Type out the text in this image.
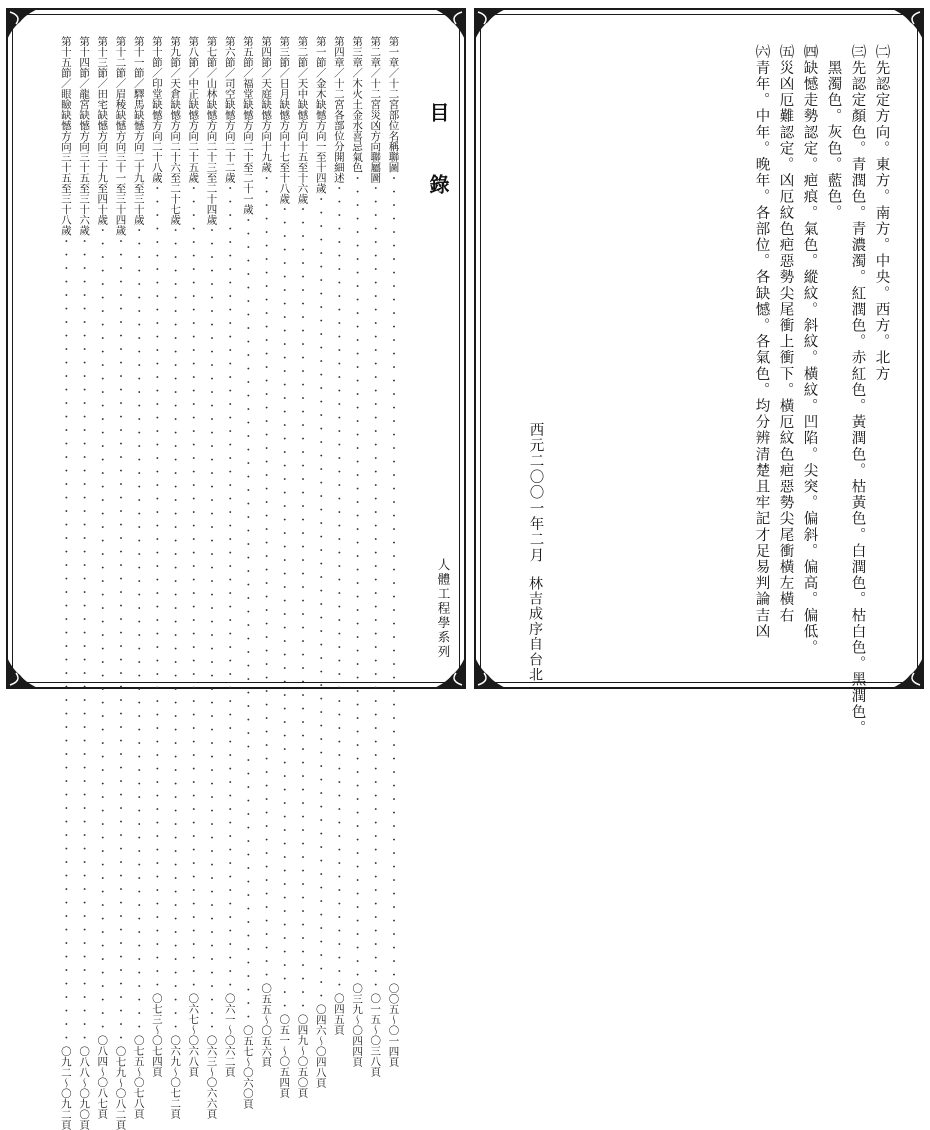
目 錄
人體工程學系列
第一章／十二宮部位名稱聯圖
・・・・・・・・・・・・・・・・・・・・・・・・・・・・・・・・・・・・・・・・・・・・・・・・・・・・・・・・・・・・
〇〇五〜〇一四頁
第二章／十二宮災凶方向聯屬圖
・・・・・・・・・・・・・・・・・・・・・・・・・・・・・・・・・・・・・・・・・・・・・・・・・・・・・・・・・・・・
〇一五〜〇三八頁
第三章／木火土金水喜忌氣色
・・・・・・・・・・・・・・・・・・・・・・・・・・・・・・・・・・・・・・・・・・・・・・・・・・・・・・・・・・・・
〇三九〜〇四四頁
第四章／十二宮各部位分開細述
・・・・・・・・・・・・・・・・・・・・・・・・・・・・・・・・・・・・・・・・・・・・・・・・・・・・・・・・・・・・
〇四五頁
第一節／金木缺憾方向一至十四歲
・・・・・・・・・・・・・・・・・・・・・・・・・・・・・・・・・・・・・・・・・・・・・・・・・・・・・・・・・・・・
〇四六〜〇四八頁
第二節／天中缺憾方向十五至十六歲
・・・・・・・・・・・・・・・・・・・・・・・・・・・・・・・・・・・・・・・・・・・・・・・・・・・・・・・・・・・・
〇四九〜〇五〇頁
第三節／日月缺憾方向十七至十八歲
・・・・・・・・・・・・・・・・・・・・・・・・・・・・・・・・・・・・・・・・・・・・・・・・・・・・・・・・・・・・
〇五一〜〇五四頁
第四節／天庭缺憾方向十九歲
・・・・・・・・・・・・・・・・・・・・・・・・・・・・・・・・・・・・・・・・・・・・・・・・・・・・・・・・・・・・
〇五五〜〇五六頁
第五節／福堂缺憾方向二十至二十一歲
・・・・・・・・・・・・・・・・・・・・・・・・・・・・・・・・・・・・・・・・・・・・・・・・・・・・・・・・・・・・
〇五七〜〇六〇頁
第六節／司空缺憾方向二十二歲
・・・・・・・・・・・・・・・・・・・・・・・・・・・・・・・・・・・・・・・・・・・・・・・・・・・・・・・・・・・・
〇六一〜〇六二頁
第七節／山林缺憾方向二十三至二十四歲
・・・・・・・・・・・・・・・・・・・・・・・・・・・・・・・・・・・・・・・・・・・・・・・・・・・・・・・・・・・・
〇六三〜〇六六頁
第八節／中正缺憾方向二十五歲
・・・・・・・・・・・・・・・・・・・・・・・・・・・・・・・・・・・・・・・・・・・・・・・・・・・・・・・・・・・・
〇六七〜〇六八頁
第九節／天倉缺憾方向二十六至二十七歲
・・・・・・・・・・・・・・・・・・・・・・・・・・・・・・・・・・・・・・・・・・・・・・・・・・・・・・・・・・・・
〇六九〜〇七二頁
第十節／印堂缺憾方向二十八歲
・・・・・・・・・・・・・・・・・・・・・・・・・・・・・・・・・・・・・・・・・・・・・・・・・・・・・・・・・・・・
〇七三〜〇七四頁
第十一節／驛馬缺憾方向二十九至三十歲
・・・・・・・・・・・・・・・・・・・・・・・・・・・・・・・・・・・・・・・・・・・・・・・・・・・・・・・・・・・・
〇七五〜〇七八頁
第十二節／眉稜缺憾方向三十一至三十四歲
・・・・・・・・・・・・・・・・・・・・・・・・・・・・・・・・・・・・・・・・・・・・・・・・・・・・・・・・・・・・
〇七九〜〇八二頁
第十三節／田宅缺憾方向三十九至四十歲
・・・・・・・・・・・・・・・・・・・・・・・・・・・・・・・・・・・・・・・・・・・・・・・・・・・・・・・・・・・・
〇八四〜〇八七頁
第十四節／龍宮缺憾方向三十五至三十六歲
・・・・・・・・・・・・・・・・・・・・・・・・・・・・・・・・・・・・・・・・・・・・・・・・・・・・・・・・・・・・
〇八八〜〇九〇頁
第十五節／眼瞼缺憾方向三十五至三十八歲
・・・・・・・・・・・・・・・・・・・・・・・・・・・・・・・・・・・・・・・・・・・・・・・・・・・・・・・・・・・・
〇九二〜〇九二頁
㈡先認定方向。東方。南方。中央。西方。北方
㈢先認定顏色。青潤色。青濃濁。紅潤色。赤紅色。黃潤色。枯黃色。白潤色。枯白色。黑潤色。
黑濁色。灰色。藍色。
㈣缺憾走勢認定。疤痕。氣色。縱紋。斜紋。橫紋。凹陷。尖突。偏斜。偏高。偏低。
㈤災凶厄難認定。凶厄紋色疤惡勢尖尾衝上衝下。橫厄紋色疤惡勢尖尾衝橫左橫右
㈥青年。中年。晚年。各部位。各缺憾。各氣色。均分辨清楚且牢記才足易判論吉凶
西元二〇〇一年二月
林吉成序自台北
